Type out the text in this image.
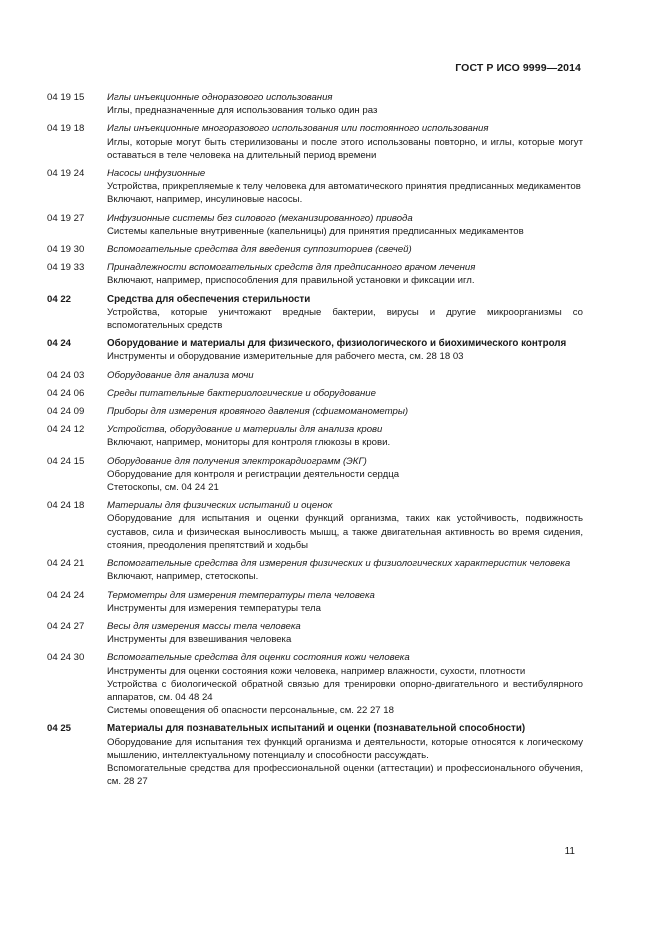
ГОСТ Р ИСО 9999—2014
04 19 15	Иглы инъекционные одноразового использования
Иглы, предназначенные для использования только один раз
04 19 18	Иглы инъекционные многоразового использования или постоянного использования
Иглы, которые могут быть стерилизованы и после этого использованы повторно, и иглы, которые могут оставаться в теле человека на длительный период времени
04 19 24	Насосы инфузионные
Устройства, прикрепляемые к телу человека для автоматического принятия предписанных медикаментов
Включают, например, инсулиновые насосы.
04 19 27	Инфузионные системы без силового (механизированного) привода
Системы капельные внутривенные (капельницы) для принятия предписанных медикаментов
04 19 30	Вспомогательные средства для введения суппозиториев (свечей)
04 19 33	Принадлежности вспомогательных средств для предписанного врачом лечения
Включают, например, приспособления для правильной установки и фиксации игл.
04 22	Средства для обеспечения стерильности
Устройства, которые уничтожают вредные бактерии, вирусы и другие микроорганизмы со вспомогательных средств
04 24	Оборудование и материалы для физического, физиологического и биохимического контроля
Инструменты и оборудование измерительные для рабочего места, см. 28 18 03
04 24 03	Оборудование для анализа мочи
04 24 06	Среды питательные бактериологические и оборудование
04 24 09	Приборы для измерения кровяного давления (сфигмоманометры)
04 24 12	Устройства, оборудование и материалы для анализа крови
Включают, например, мониторы для контроля глюкозы в крови.
04 24 15	Оборудование для получения электрокардиограмм (ЭКГ)
Оборудование для контроля и регистрации деятельности сердца
Стетоскопы, см. 04 24 21
04 24 18	Материалы для физических испытаний и оценок
Оборудование для испытания и оценки функций организма, таких как устойчивость, подвижность суставов, сила и физическая выносливость мышц, а также двигательная активность во время сидения, стояния, преодоления препятствий и ходьбы
04 24 21	Вспомогательные средства для измерения физических и физиологических характеристик человека
Включают, например, стетоскопы.
04 24 24	Термометры для измерения температуры тела человека
Инструменты для измерения температуры тела
04 24 27	Весы для измерения массы тела человека
Инструменты для взвешивания человека
04 24 30	Вспомогательные средства для оценки состояния кожи человека
Инструменты для оценки состояния кожи человека, например влажности, сухости, плотности
Устройства с биологической обратной связью для тренировки опорно-двигательного и вестибулярного аппаратов, см. 04 48 24
Системы оповещения об опасности персональные, см. 22 27 18
04 25	Материалы для познавательных испытаний и оценки (познавательной способности)
Оборудование для испытания тех функций организма и деятельности, которые относятся к логическому мышлению, интеллектуальному потенциалу и способности рассуждать.
Вспомогательные средства для профессиональной оценки (аттестации) и профессионального обучения, см. 28 27
11
